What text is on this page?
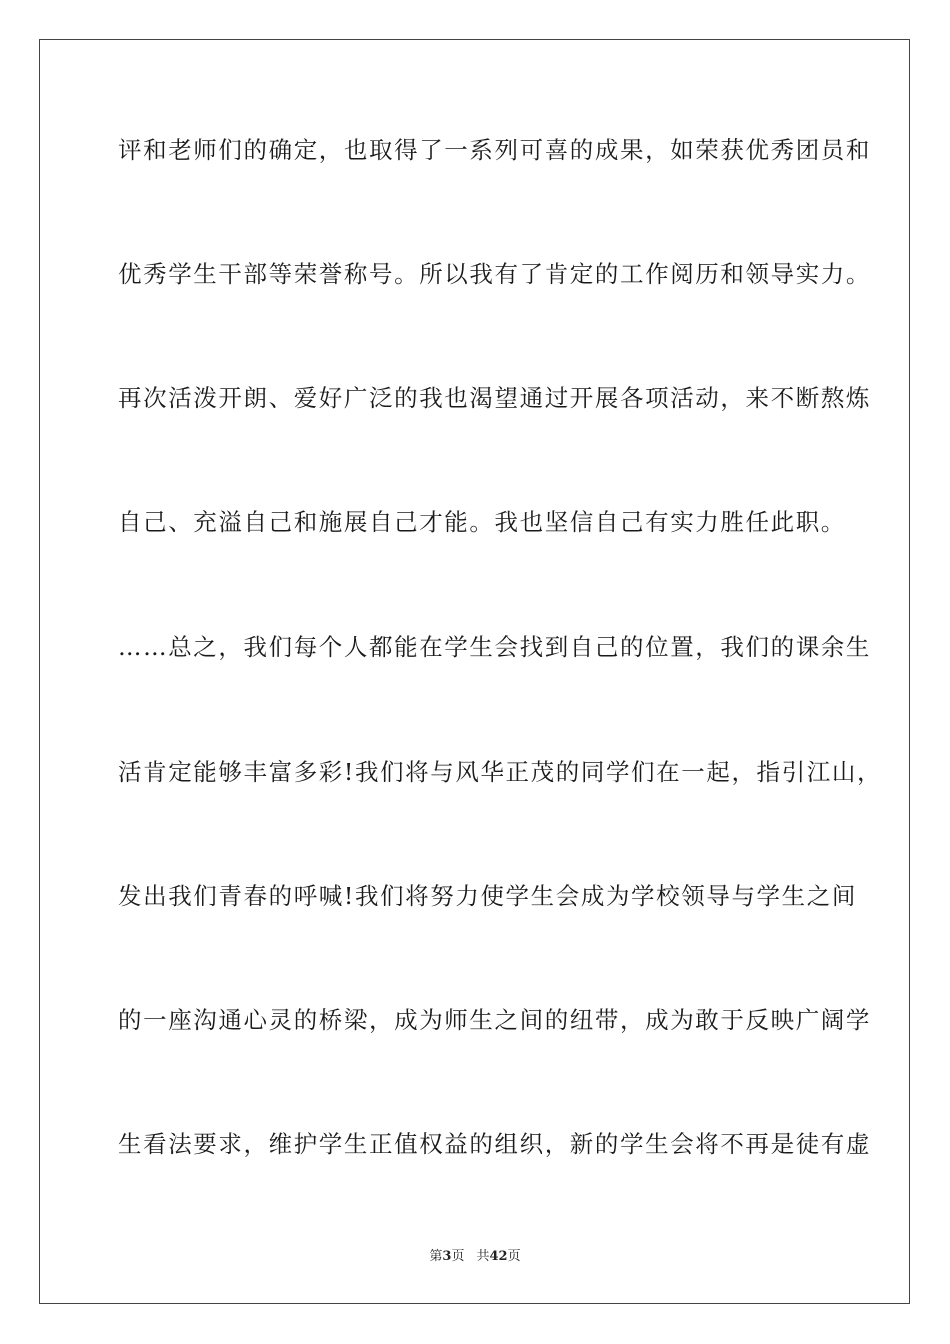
评和老师们的确定，也取得了一系列可喜的成果，如荣获优秀团员和
优秀学生干部等荣誉称号。所以我有了肯定的工作阅历和领导实力。
再次活泼开朗、爱好广泛的我也渴望通过开展各项活动，来不断熬炼
自己、充溢自己和施展自己才能。我也坚信自己有实力胜任此职。
……总之，我们每个人都能在学生会找到自己的位置，我们的课余生
活肯定能够丰富多彩!我们将与风华正茂的同学们在一起，指引江山，
发出我们青春的呼喊!我们将努力使学生会成为学校领导与学生之间
的一座沟通心灵的桥梁，成为师生之间的纽带，成为敢于反映广阔学
生看法要求，维护学生正值权益的组织，新的学生会将不再是徒有虚
第3页 共42页
